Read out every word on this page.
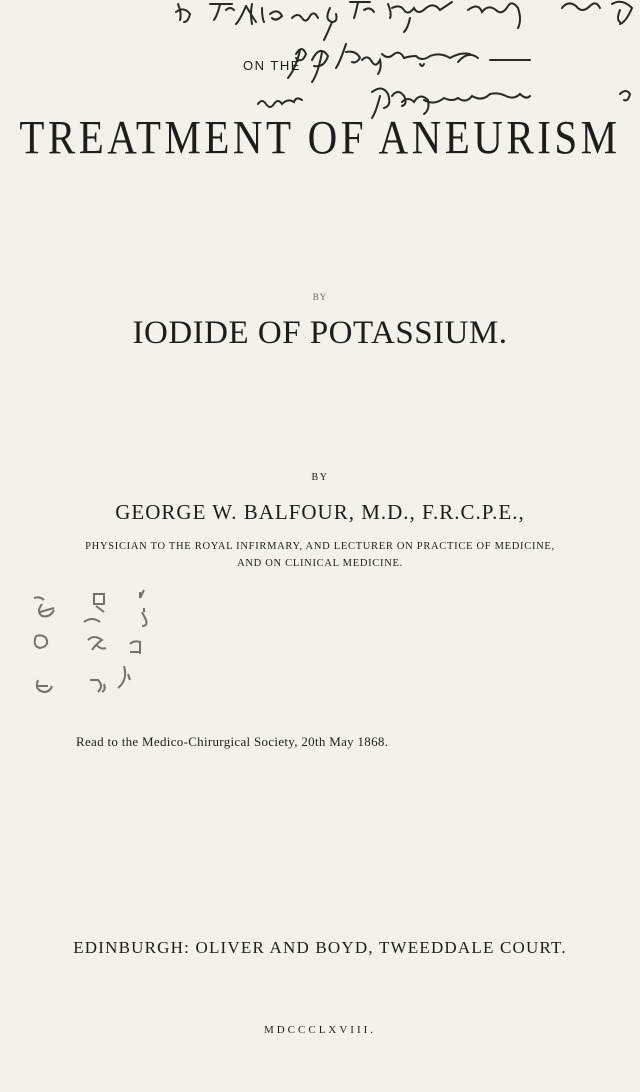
ON THE
TREATMENT OF ANEURISM
BY
IODIDE OF POTASSIUM.
BY
GEORGE W. BALFOUR, M.D., F.R.C.P.E.,
PHYSICIAN TO THE ROYAL INFIRMARY, AND LECTURER ON PRACTICE OF MEDICINE,
AND ON CLINICAL MEDICINE.
Read to the Medico-Chirurgical Society, 20th May 1868.
EDINBURGH: OLIVER AND BOYD, TWEEDDALE COURT.
MDCCCLXVIII.
